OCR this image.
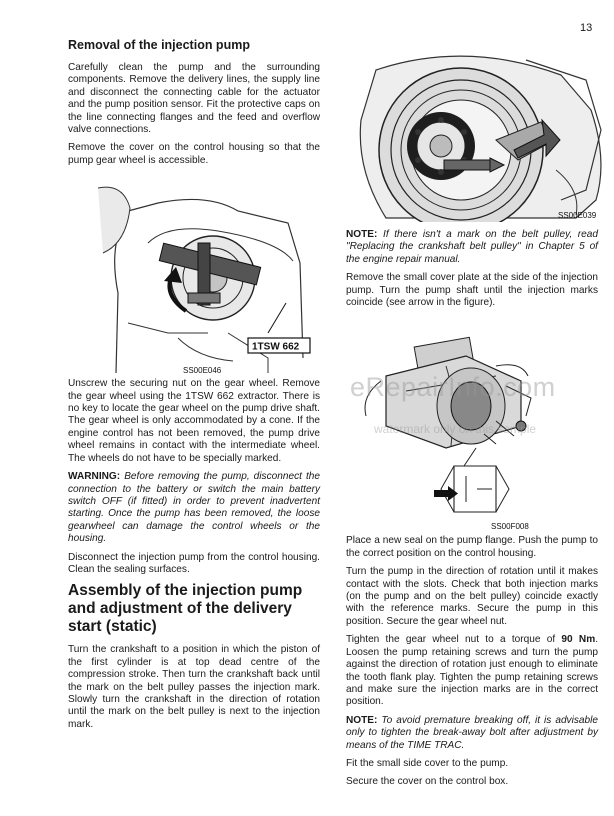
13
SS00E039
1TSW 662
SS00E046
SS00F008
eRepairInfo.com
watermark only on this sample
Removal of the injection pump

Carefully clean the pump and the surrounding components. Remove the delivery lines, the supply line and disconnect the connecting cable for the actuator and the pump position sensor. Fit the protective caps on the line connecting flanges and the feed and overflow valve connections.

Remove the cover on the control housing so that the pump gear wheel is accessible.

Unscrew the securing nut on the gear wheel. Remove the gear wheel using the 1TSW 662 extractor. There is no key to locate the gear wheel on the pump drive shaft. The gear wheel is only accommodated by a cone. If the engine control has not been removed, the pump drive wheel remains in contact with the intermediate wheel. The wheels do not have to be specially marked.

WARNING: Before removing the pump, disconnect the connection to the battery or switch the main battery switch OFF (if fitted) in order to prevent inadvertent starting. Once the pump has been removed, the loose gearwheel can damage the control wheels or the housing.

Disconnect the injection pump from the control housing. Clean the sealing surfaces.

Assembly of the injection pump and adjustment of the delivery start (static)

Turn the crankshaft to a position in which the piston of the first cylinder is at top dead centre of the compression stroke. Then turn the crankshaft back until the mark on the belt pulley passes the injection mark. Slowly turn the crankshaft in the direction of rotation until the mark on the belt pulley is next to the injection mark.

NOTE: If there isn't a mark on the belt pulley, read "Replacing the crankshaft belt pulley" in Chapter 5 of the engine repair manual.

Remove the small cover plate at the side of the injection pump. Turn the pump shaft until the injection marks coincide (see arrow in the figure).

Place a new seal on the pump flange. Push the pump to the correct position on the control housing.

Turn the pump in the direction of rotation until it makes contact with the slots. Check that both injection marks (on the pump and on the belt pulley) coincide exactly with the reference marks. Secure the pump in this position. Secure the gear wheel nut.

Tighten the gear wheel nut to a torque of 90 Nm. Loosen the pump retaining screws and turn the pump against the direction of rotation just enough to eliminate the tooth flank play. Tighten the pump retaining screws and make sure the injection marks are in the correct position.

NOTE: To avoid premature breaking off, it is advisable only to tighten the break-away bolt after adjustment by means of the TIME TRAC.

Fit the small side cover to the pump.

Secure the cover on the control box.
